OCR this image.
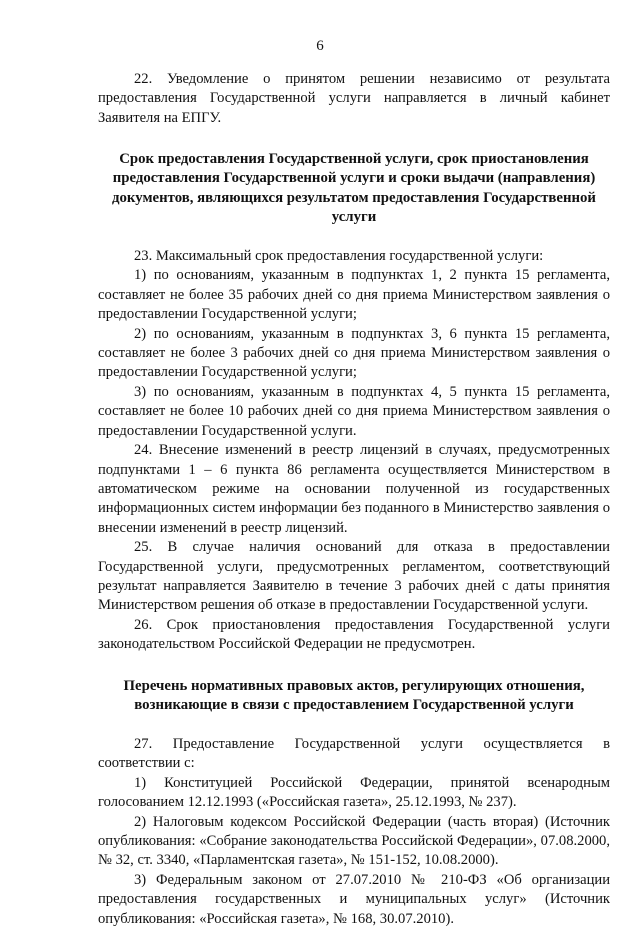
6

22. Уведомление о принятом решении независимо от результата предоставления Государственной услуги направляется в личный кабинет Заявителя на ЕПГУ.

Срок предоставления Государственной услуги, срок приостановления предоставления Государственной услуги и сроки выдачи (направления) документов, являющихся результатом предоставления Государственной услуги

23. Максимальный срок предоставления государственной услуги:

1) по основаниям, указанным в подпунктах 1, 2 пункта 15 регламента, составляет не более 35 рабочих дней со дня приема Министерством заявления о предоставлении Государственной услуги;

2) по основаниям, указанным в подпунктах 3, 6 пункта 15 регламента, составляет не более 3 рабочих дней со дня приема Министерством заявления о предоставлении Государственной услуги;

3) по основаниям, указанным в подпунктах 4, 5 пункта 15 регламента, составляет не более 10 рабочих дней со дня приема Министерством заявления о предоставлении Государственной услуги.

24. Внесение изменений в реестр лицензий в случаях, предусмотренных подпунктами 1 – 6 пункта 86 регламента осуществляется Министерством в автоматическом режиме на основании полученной из государственных информационных систем информации без поданного в Министерство заявления о внесении изменений в реестр лицензий.

25. В случае наличия оснований для отказа в предоставлении Государственной услуги, предусмотренных регламентом, соответствующий результат направляется Заявителю в течение 3 рабочих дней с даты принятия Министерством решения об отказе в предоставлении Государственной услуги.

26. Срок приостановления предоставления Государственной услуги законодательством Российской Федерации не предусмотрен.

Перечень нормативных правовых актов, регулирующих отношения, возникающие в связи с предоставлением Государственной услуги

27. Предоставление Государственной услуги осуществляется в соответствии с:

1) Конституцией Российской Федерации, принятой всенародным голосованием 12.12.1993 («Российская газета», 25.12.1993, № 237).

2) Налоговым кодексом Российской Федерации (часть вторая) (Источник опубликования: «Собрание законодательства Российской Федерации», 07.08.2000, № 32, ст. 3340, «Парламентская газета», № 151-152, 10.08.2000).

3) Федеральным законом от 27.07.2010 № 210-ФЗ «Об организации предоставления государственных и муниципальных услуг» (Источник опубликования: «Российская газета», № 168, 30.07.2010).
